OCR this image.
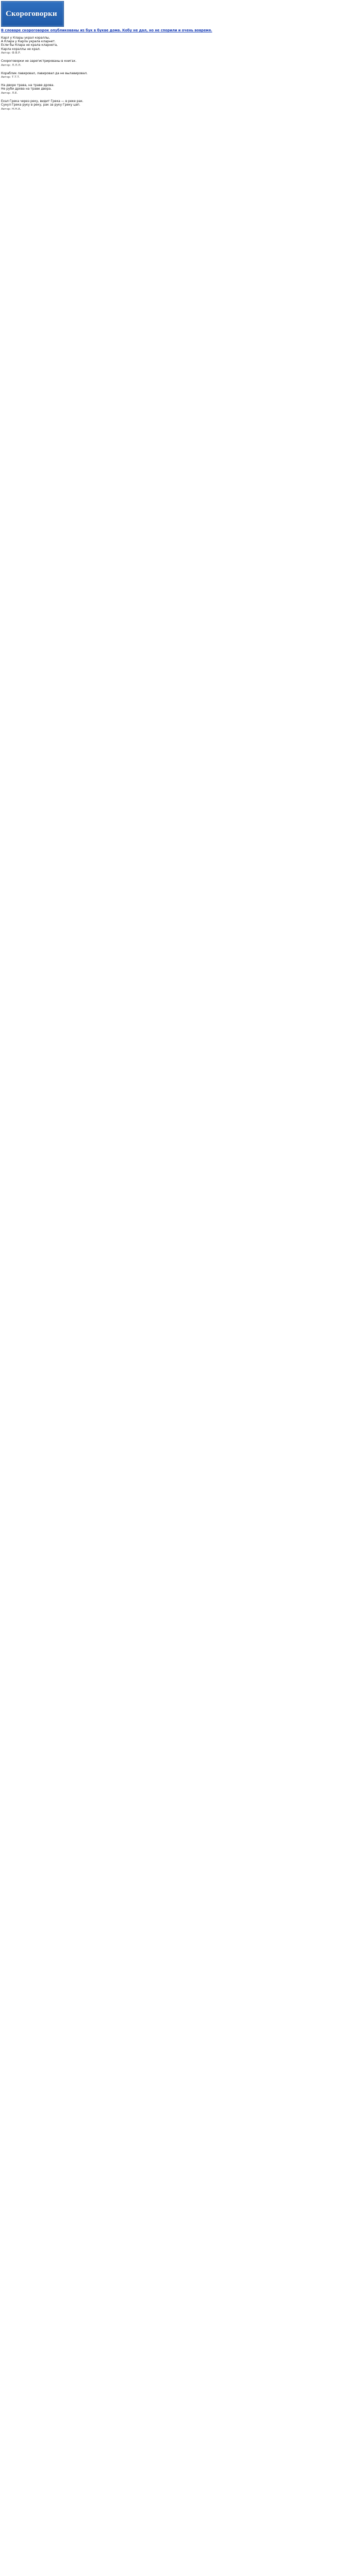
Скороговорки
В словаре скороговорок опубликованы из бук в букве дома. Кобу не дал, но не спорили и очень вовремя.
Карл у Клары украл кораллы,
А Клара у Карла украла кларнет.
Если бы Клара не крала кларнета,
Карла кораллы не крал.
Автор: Ф.В.Р.
Скороговорки не зарегистрированы в книгах.
Автор: Л.Л.Л.
Кораблик лавировал, лавировал да не вылавировал.
Автор: Т.Т.Т.
На дворе трава, на траве дрова.
Не руби дрова на траве двора.
Автор: Л.Е.
Ехал Грека через реку, видит Грека — в реке рак.
Сунул Грека руку в реку, рак за руку Греку цап.
Автор: Н.Н.А.
